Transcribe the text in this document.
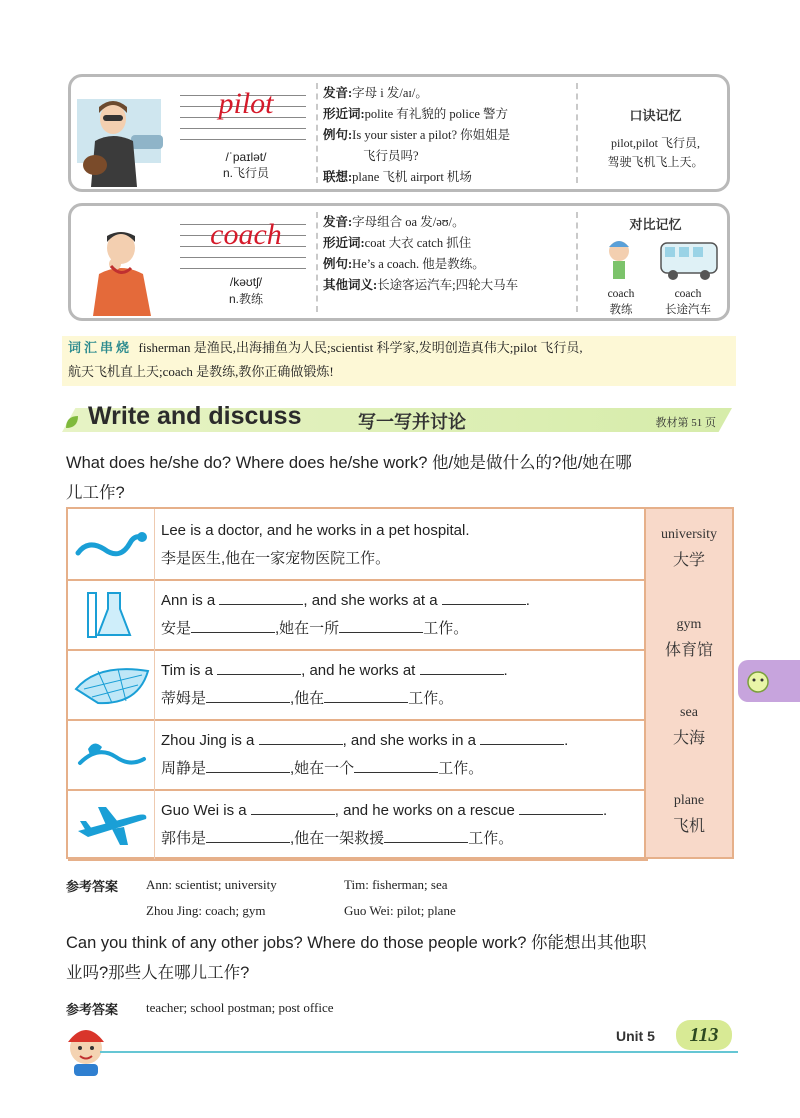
pilot
/ˈpaɪlət/
n.飞行员
发音:字母 i 发/aɪ/。
形近词:polite 有礼貌的 police 警方
例句:Is your sister a pilot? 你姐姐是
飞行员吗?
联想:plane 飞机 airport 机场
口诀记忆
pilot,pilot 飞行员,
驾驶飞机飞上天。
coach
/kəʊtʃ/
n.教练
发音:字母组合 oa 发/əʊ/。
形近词:coat 大衣 catch 抓住
例句:He’s a coach. 他是教练。
其他词义:长途客运汽车;四轮大马车
对比记忆
coach
教练
coach
长途汽车
词汇串烧 fisherman 是渔民,出海捕鱼为人民;scientist 科学家,发明创造真伟大;pilot 飞行员,
航天飞机直上天;coach 是教练,教你正确做锻炼!
Write and discuss	写一写并讨论	教材第 51 页
What does he/she do? Where does he/she work? 他/她是做什么的?他/她在哪
儿工作?
Lee is a doctor, and he works in a pet hospital.
李是医生,他在一家宠物医院工作。
Ann is a	, and she works at a	.
安是	,她在一所	工作。
Tim is a	, and he works at	.
蒂姆是	,他在	工作。
Zhou Jing is a	, and she works in a	.
周静是	,她在一个	工作。
Guo Wei is a	, and he works on a rescue	.
郭伟是	,他在一架救援	工作。
university
大学
gym
体育馆
sea
大海
plane
飞机
参考答案 Ann: scientist; university	Tim: fisherman; sea
Zhou Jing: coach; gym	Guo Wei: pilot; plane
Can you think of any other jobs? Where do those people work? 你能想出其他职
业吗?那些人在哪儿工作?
参考答案 teacher; school postman; post office
Unit 5	113
